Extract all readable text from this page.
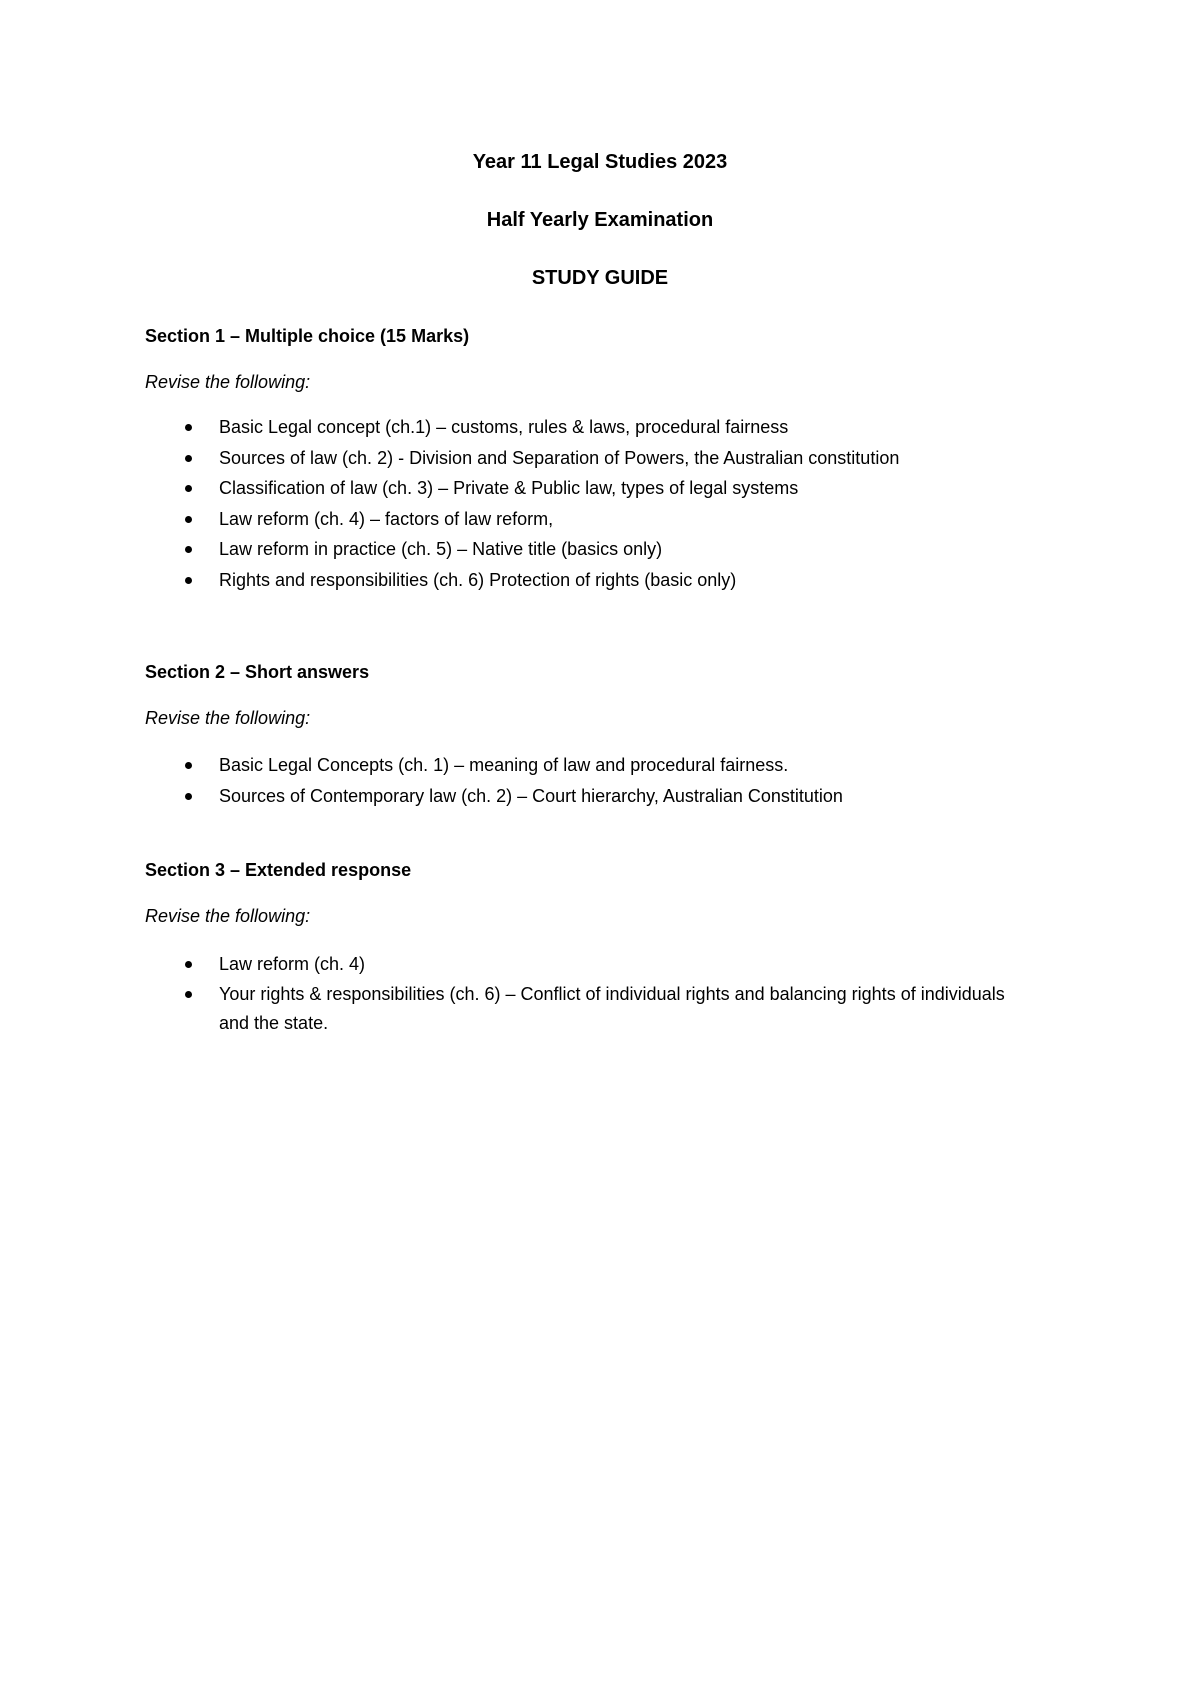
Year 11 Legal Studies 2023
Half Yearly Examination
STUDY GUIDE
Section 1 – Multiple choice (15 Marks)
Revise the following:
Basic Legal concept (ch.1) – customs, rules & laws, procedural fairness
Sources of law (ch. 2) - Division and Separation of Powers, the Australian constitution
Classification of law (ch. 3) – Private & Public law, types of legal systems
Law reform (ch. 4) – factors of law reform,
Law reform in practice (ch. 5) – Native title (basics only)
Rights and responsibilities (ch. 6) Protection of rights (basic only)
Section 2 – Short answers
Revise the following:
Basic Legal Concepts (ch. 1) – meaning of law and procedural fairness.
Sources of Contemporary law (ch. 2) – Court hierarchy, Australian Constitution
Section 3 – Extended response
Revise the following:
Law reform (ch. 4)
Your rights & responsibilities (ch. 6) – Conflict of individual rights and balancing rights of individuals and the state.
